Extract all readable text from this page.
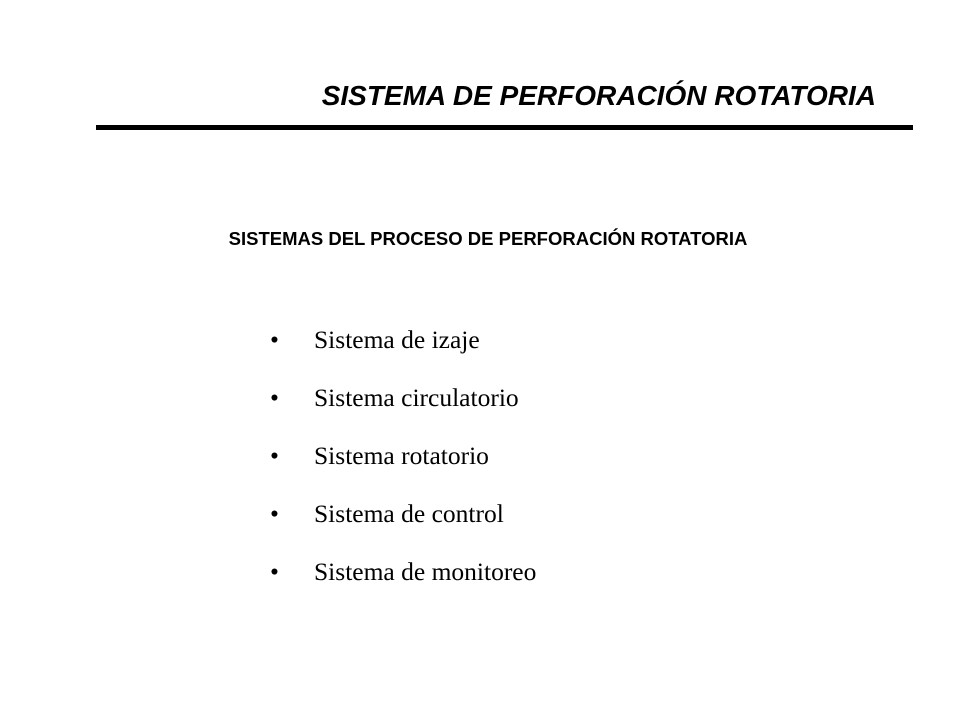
SISTEMA DE PERFORACIÓN ROTATORIA
SISTEMAS DEL PROCESO DE PERFORACIÓN ROTATORIA
•	Sistema de izaje
•	Sistema circulatorio
•	Sistema rotatorio
•	Sistema de control
•	Sistema de monitoreo
